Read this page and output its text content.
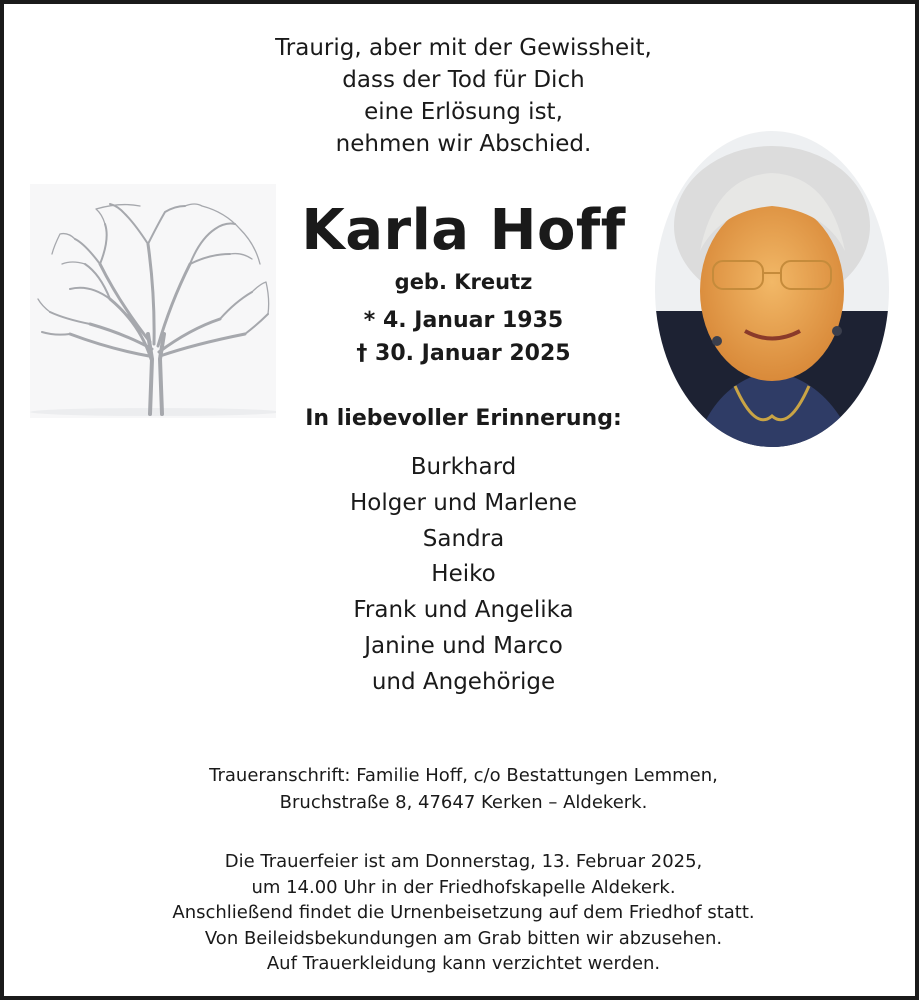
Traurig, aber mit der Gewissheit,
dass der Tod für Dich
eine Erlösung ist,
nehmen wir Abschied.
Karla Hoff
geb. Kreutz
* 4. Januar 1935
† 30. Januar 2025
In liebevoller Erinnerung:
Burkhard
Holger und Marlene
Sandra
Heiko
Frank und Angelika
Janine und Marco
und Angehörige
Traueranschrift: Familie Hoff, c/o Bestattungen Lemmen,
Bruchstraße 8, 47647 Kerken – Aldekerk.
Die Trauerfeier ist am Donnerstag, 13. Februar 2025,
um 14.00 Uhr in der Friedhofskapelle Aldekerk.
Anschließend findet die Urnenbeisetzung auf dem Friedhof statt.
Von Beileidsbekundungen am Grab bitten wir abzusehen.
Auf Trauerkleidung kann verzichtet werden.
